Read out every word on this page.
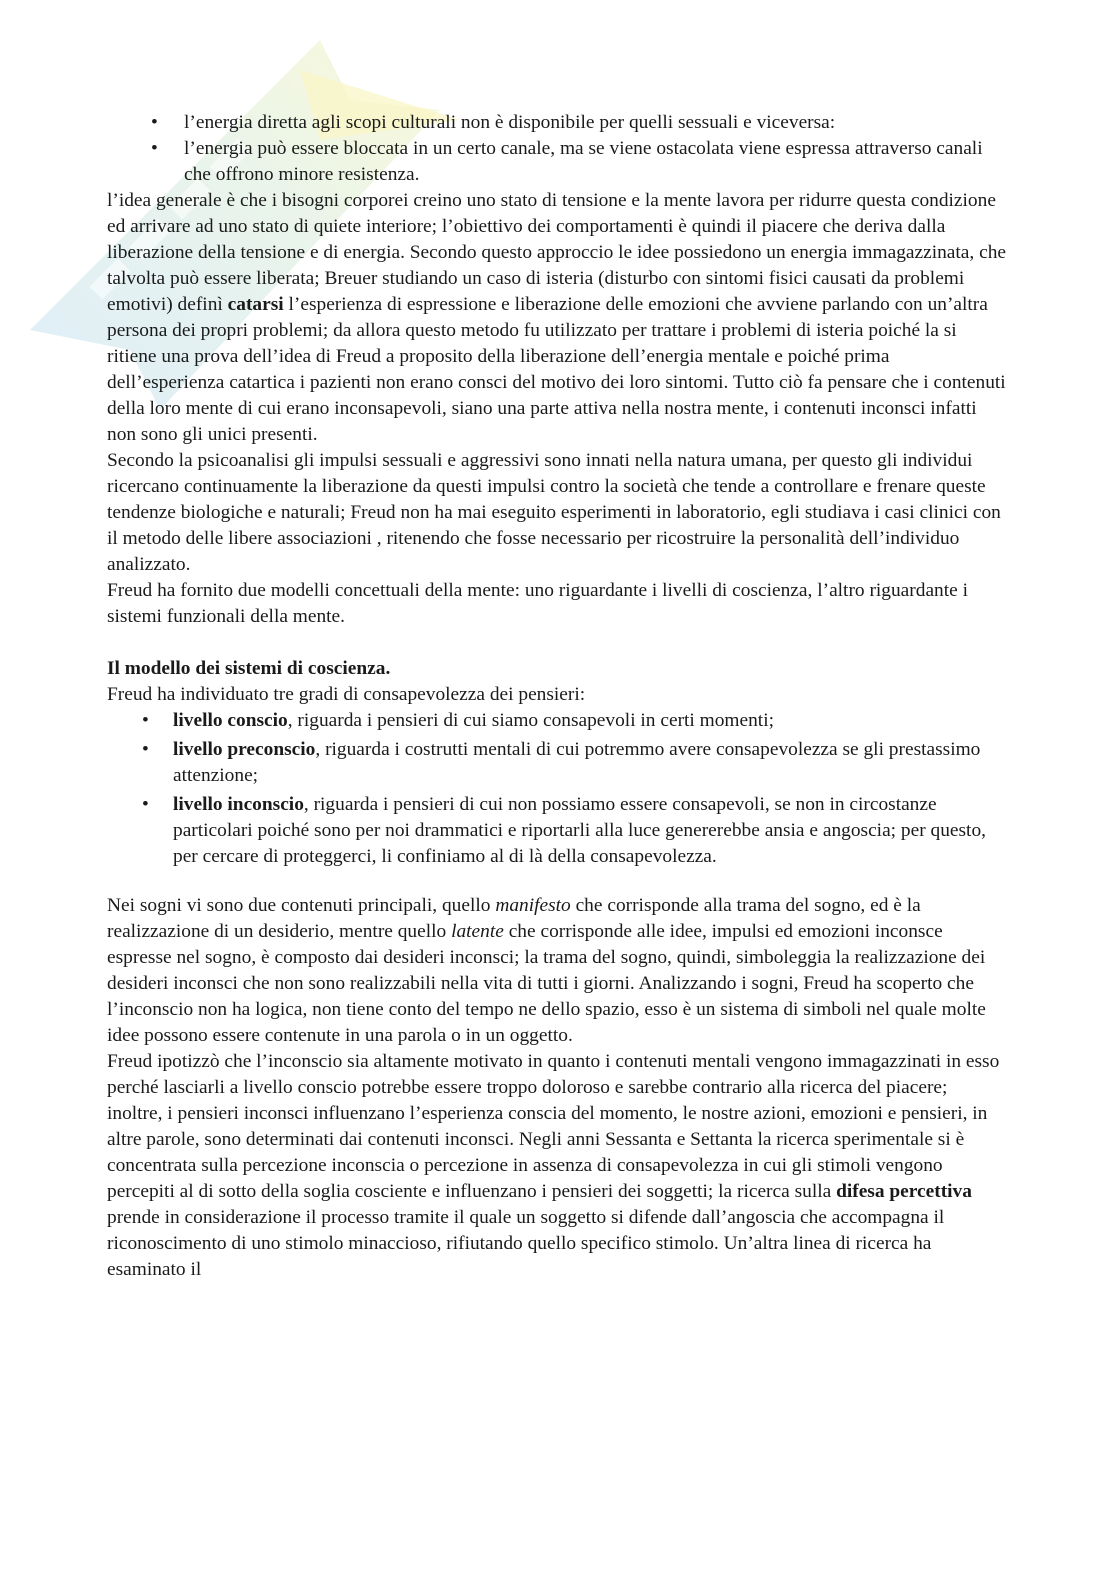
• l’energia diretta agli scopi culturali non è disponibile per quelli sessuali e viceversa:
• l’energia può essere bloccata in un certo canale, ma se viene ostacolata viene espressa attraverso canali che offrono minore resistenza.

l’idea generale è che i bisogni corporei creino uno stato di tensione e la mente lavora per ridurre questa condizione ed arrivare ad uno stato di quiete interiore; l’obiettivo dei comportamenti è quindi il piacere che deriva dalla liberazione della tensione e di energia. Secondo questo approccio le idee possiedono un energia immagazzinata, che talvolta può essere liberata; Breuer studiando un caso di isteria (disturbo con sintomi fisici causati da problemi emotivi) definì catarsi l’esperienza di espressione e liberazione delle emozioni che avviene parlando con un’altra persona dei propri problemi; da allora questo metodo fu utilizzato per trattare i problemi di isteria poiché la si ritiene una prova dell’idea di Freud a proposito della liberazione dell’energia mentale e poiché prima dell’esperienza catartica i pazienti non erano consci del motivo dei loro sintomi. Tutto ciò fa pensare che i contenuti della loro mente di cui erano inconsapevoli, siano una parte attiva nella nostra mente, i contenuti inconsci infatti non sono gli unici presenti.

Secondo la psicoanalisi gli impulsi sessuali e aggressivi sono innati nella natura umana, per questo gli individui ricercano continuamente la liberazione da questi impulsi contro la società che tende a controllare e frenare queste tendenze biologiche e naturali; Freud non ha mai eseguito esperimenti in laboratorio, egli studiava i casi clinici con il metodo delle libere associazioni , ritenendo che fosse necessario per ricostruire la personalità dell’individuo analizzato.

Freud ha fornito due modelli concettuali della mente: uno riguardante i livelli di coscienza, l’altro riguardante i sistemi funzionali della mente.

Il modello dei sistemi di coscienza.

Freud ha individuato tre gradi di consapevolezza dei pensieri:

• livello conscio, riguarda i pensieri di cui siamo consapevoli in certi momenti;
• livello preconscio, riguarda i costrutti mentali di cui potremmo avere consapevolezza se gli prestassimo attenzione;
• livello inconscio, riguarda i pensieri di cui non possiamo essere consapevoli, se non in circostanze particolari poiché sono per noi drammatici e riportarli alla luce genererebbe ansia e angoscia; per questo, per cercare di proteggerci, li confiniamo al di là della consapevolezza.

Nei sogni vi sono due contenuti principali, quello manifesto che corrisponde alla trama del sogno, ed è la realizzazione di un desiderio, mentre quello latente che corrisponde alle idee, impulsi ed emozioni inconsce espresse nel sogno, è composto dai desideri inconsci; la trama del sogno, quindi, simboleggia la realizzazione dei desideri inconsci che non sono realizzabili nella vita di tutti i giorni. Analizzando i sogni, Freud ha scoperto che l’inconscio non ha logica, non tiene conto del tempo ne dello spazio, esso è un sistema di simboli nel quale molte idee possono essere contenute in una parola o in un oggetto.

Freud ipotizzò che l’inconscio sia altamente motivato in quanto i contenuti mentali vengono immagazzinati in esso perché lasciarli a livello conscio potrebbe essere troppo doloroso e sarebbe contrario alla ricerca del piacere; inoltre, i pensieri inconsci influenzano l’esperienza conscia del momento, le nostre azioni, emozioni e pensieri, in altre parole, sono determinati dai contenuti inconsci. Negli anni Sessanta e Settanta la ricerca sperimentale si è concentrata sulla percezione inconscia o percezione in assenza di consapevolezza in cui gli stimoli vengono percepiti al di sotto della soglia cosciente e influenzano i pensieri dei soggetti; la ricerca sulla difesa percettiva prende in considerazione il processo tramite il quale un soggetto si difende dall’angoscia che accompagna il riconoscimento di uno stimolo minaccioso, rifiutando quello specifico stimolo. Un’altra linea di ricerca ha esaminato il
